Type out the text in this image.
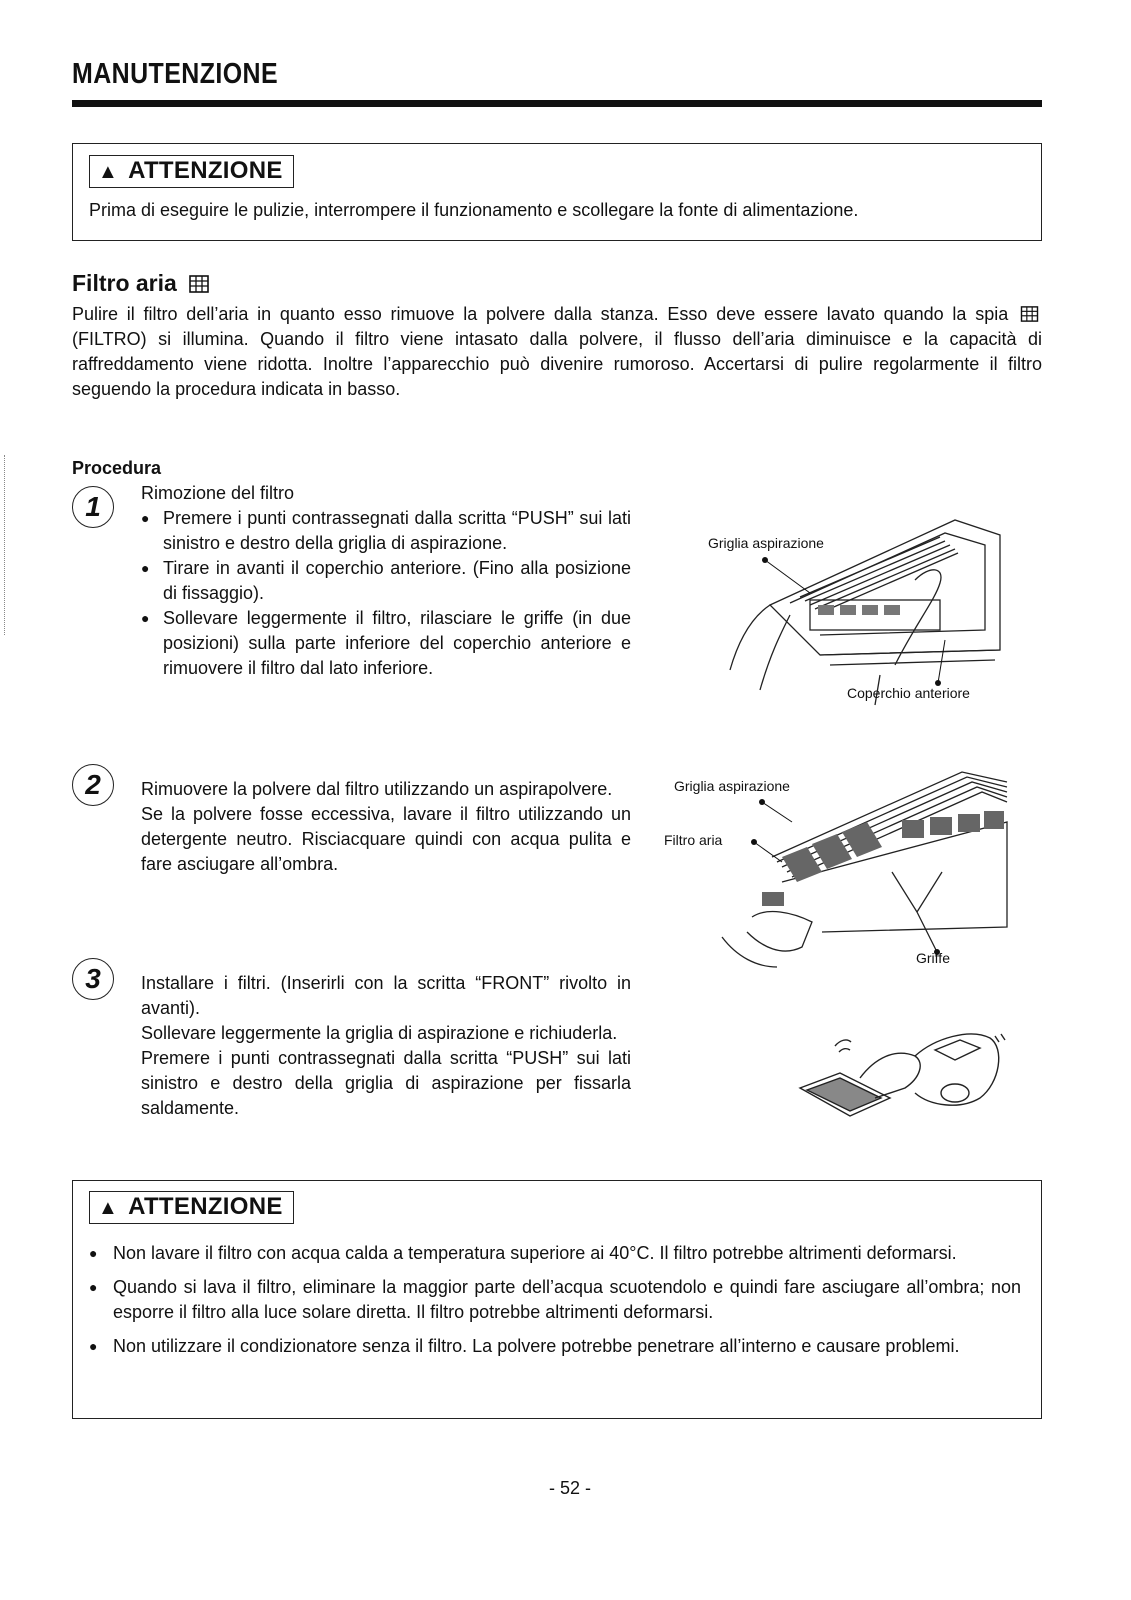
MANUTENZIONE
▲ ATTENZIONE
Prima di eseguire le pulizie, interrompere il funzionamento e scollegare la fonte di alimentazione.
Filtro aria
Pulire il filtro dell’aria in quanto esso rimuove la polvere dalla stanza. Esso deve essere lavato quando la spia  (FILTRO) si illumina. Quando il filtro viene intasato dalla polvere, il flusso dell’aria diminuisce e la capacità di raffreddamento viene ridotta. Inoltre l’apparecchio può divenire rumoroso. Accertarsi di pulire regolarmente il filtro seguendo la procedura indicata in basso.
Procedura
1	Rimozione del filtro
● Premere i punti contrassegnati dalla scritta “PUSH” sui lati sinistro e destro della griglia di aspirazione.
● Tirare in avanti il coperchio anteriore. (Fino alla posizione di fissaggio).
● Sollevare leggermente il filtro, rilasciare le griffe (in due posizioni) sulla parte inferiore del coperchio anteriore e rimuovere il filtro dal lato inferiore.
Griglia aspirazione
Coperchio anteriore
2	Rimuovere la polvere dal filtro utilizzando un aspirapolvere.
Se la polvere fosse eccessiva, lavare il filtro utilizzando un detergente neutro. Risciacquare quindi con acqua pulita e fare asciugare all’ombra.
Griglia aspirazione
Filtro aria
Griffe
3	Installare i filtri. (Inserirli con la scritta “FRONT” rivolto in avanti).
Sollevare leggermente la griglia di aspirazione e richiuderla.
Premere i punti contrassegnati dalla scritta “PUSH” sui lati sinistro e destro della griglia di aspirazione per fissarla saldamente.
▲ ATTENZIONE
● Non lavare il filtro con acqua calda a temperatura superiore ai 40°C. Il filtro potrebbe altrimenti deformarsi.
● Quando si lava il filtro, eliminare la maggior parte dell’acqua scuotendolo e quindi fare asciugare all’ombra; non esporre il filtro alla luce solare diretta. Il filtro potrebbe altrimenti deformarsi.
● Non utilizzare il condizionatore senza il filtro. La polvere potrebbe penetrare all’interno e causare problemi.
- 52 -
